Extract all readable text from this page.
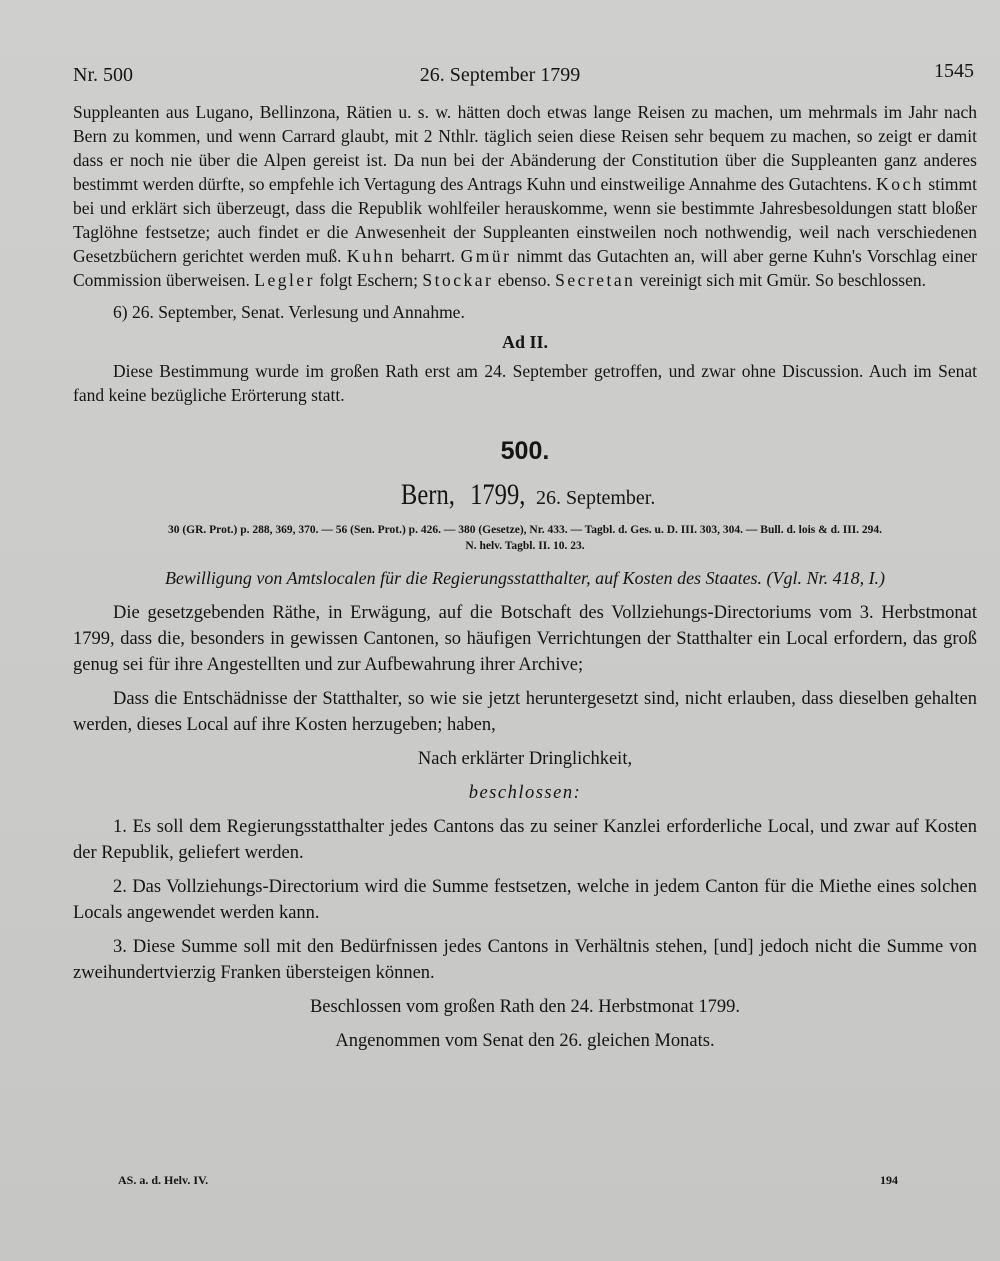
Nr. 500	26. September 1799	1545

Suppleanten aus Lugano, Bellinzona, Rätien u. s. w. hätten doch etwas lange Reisen zu machen, um mehrmals im Jahr nach Bern zu kommen, und wenn Carrard glaubt, mit 2 Nthlr. täglich seien diese Reisen sehr bequem zu machen, so zeigt er damit dass er noch nie über die Alpen gereist ist. Da nun bei der Abänderung der Constitution über die Suppleanten ganz anderes bestimmt werden dürfte, so empfehle ich Vertagung des Antrags Kuhn und einstweilige Annahme des Gutachtens. Koch stimmt bei und erklärt sich überzeugt, dass die Republik wohlfeiler herauskomme, wenn sie bestimmte Jahresbesoldungen statt bloßer Taglöhne festsetze; auch findet er die Anwesenheit der Suppleanten einstweilen noch nothwendig, weil nach verschiedenen Gesetzbüchern gerichtet werden muß. Kuhn beharrt. Gmür nimmt das Gutachten an, will aber gerne Kuhn's Vorschlag einer Commission überweisen. Legler folgt Eschern; Stockar ebenso. Secretan vereinigt sich mit Gmür. So beschlossen.

6) 26. September, Senat. Verlesung und Annahme.

Ad II.

Diese Bestimmung wurde im großen Rath erst am 24. September getroffen, und zwar ohne Discussion. Auch im Senat fand keine bezügliche Erörterung statt.

500.
Bern, 1799, 26. September.
30 (GR. Prot.) p. 288, 369, 370. — 56 (Sen. Prot.) p. 426. — 380 (Gesetze), Nr. 433. — Tagbl. d. Ges. u. D. III. 303, 304. — Bull. d. lois & d. III. 294.
N. helv. Tagbl. II. 10. 23.
Bewilligung von Amtslocalen für die Regierungsstatthalter, auf Kosten des Staates. (Vgl. Nr. 418, I.)

Die gesetzgebenden Räthe, in Erwägung, auf die Botschaft des Vollziehungs-Directoriums vom 3. Herbstmonat 1799, dass die, besonders in gewissen Cantonen, so häufigen Verrichtungen der Statthalter ein Local erfordern, das groß genug sei für ihre Angestellten und zur Aufbewahrung ihrer Archive;

Dass die Entschädnisse der Statthalter, so wie sie jetzt heruntergesetzt sind, nicht erlauben, dass dieselben gehalten werden, dieses Local auf ihre Kosten herzugeben; haben,

Nach erklärter Dringlichkeit,

beschlossen:

1. Es soll dem Regierungsstatthalter jedes Cantons das zu seiner Kanzlei erforderliche Local, und zwar auf Kosten der Republik, geliefert werden.

2. Das Vollziehungs-Directorium wird die Summe festsetzen, welche in jedem Canton für die Miethe eines solchen Locals angewendet werden kann.

3. Diese Summe soll mit den Bedürfnissen jedes Cantons in Verhältnis stehen, [und] jedoch nicht die Summe von zweihundertvierzig Franken übersteigen können.

Beschlossen vom großen Rath den 24. Herbstmonat 1799.

Angenommen vom Senat den 26. gleichen Monats.

AS. a. d. Helv. IV.	194
